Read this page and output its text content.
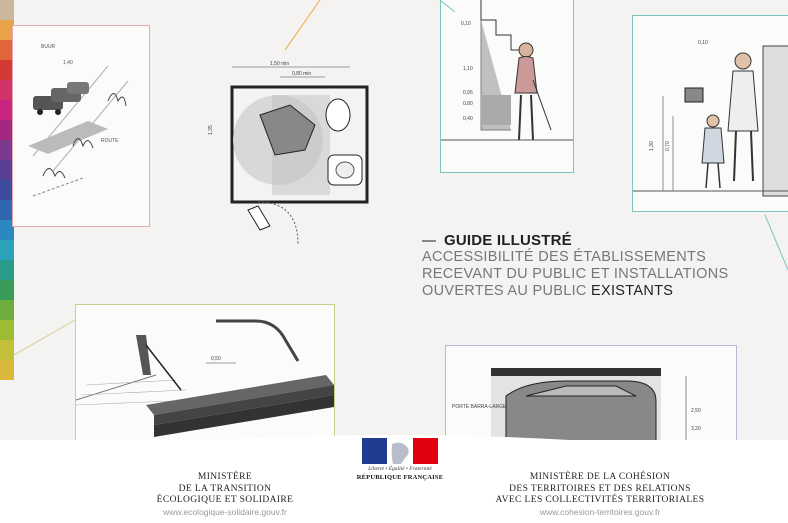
BUUR
1,40
ROUTE
1,50 min
0,80 min
1,35
0,10
1,10
0,95
0,80
0,40
0,10
1,30 0,70
0,50
PORTE BARRA-LARGE
2,50
3,20
GUIDE ILLUSTRÉ
ACCESSIBILITÉ DES ÉTABLISSEMENTS
RECEVANT DU PUBLIC ET INSTALLATIONS
OUVERTES AU PUBLIC EXISTANTS
Liberté • Égalité • Fraternité
RÉPUBLIQUE FRANÇAISE
MINISTÈRE
DE LA TRANSITION
ÉCOLOGIQUE ET SOLIDAIRE
www.ecologique-solidaire.gouv.fr
MINISTÈRE DE LA COHÉSION
DES TERRITOIRES ET DES RELATIONS
AVEC LES COLLECTIVITÉS TERRITORIALES
www.cohesion-territoires.gouv.fr
